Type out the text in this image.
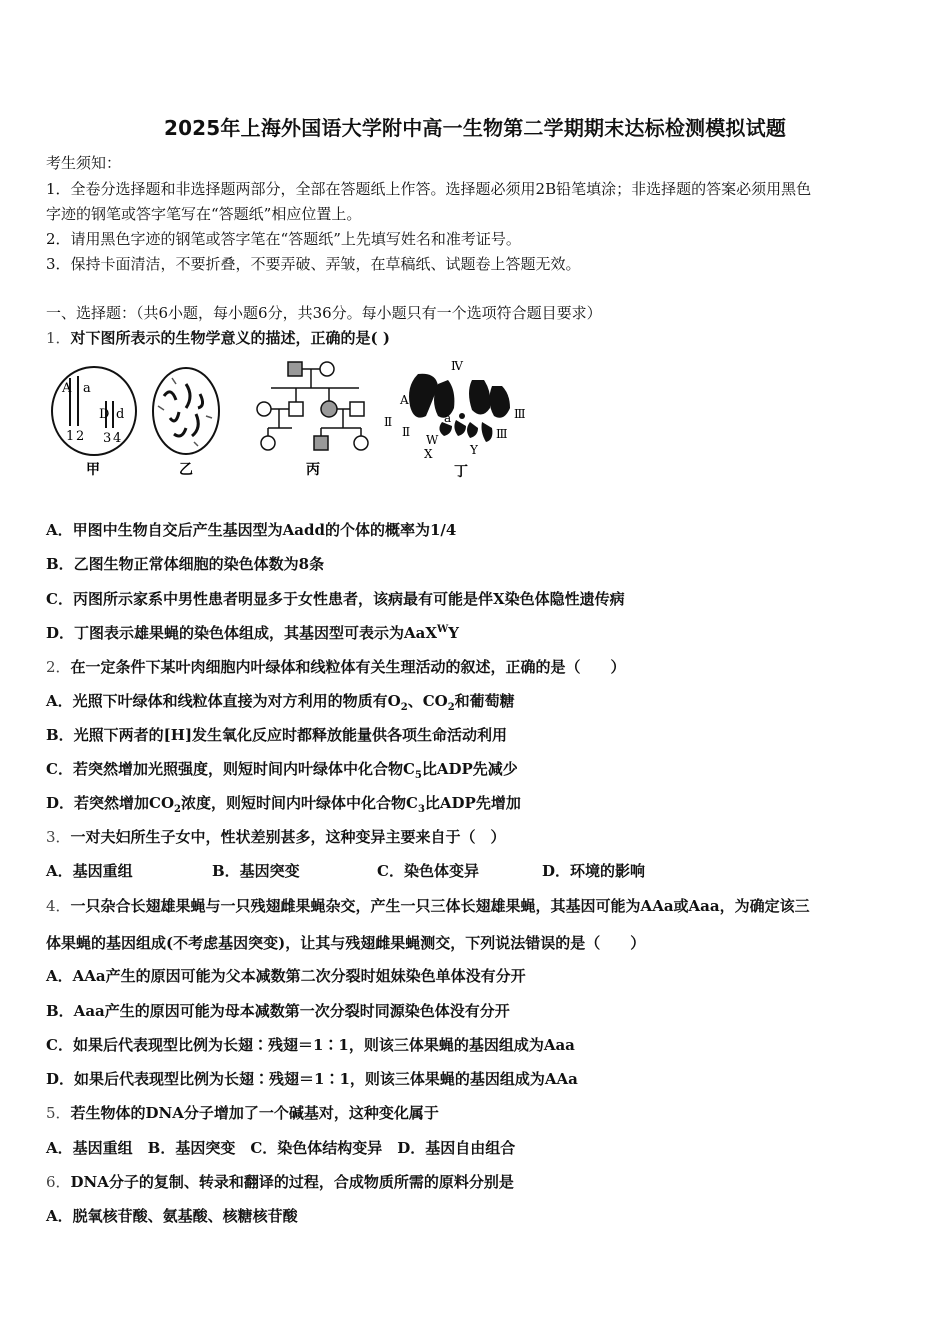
2025年上海外国语大学附中高一生物第二学期期末达标检测模拟试题
考生须知：
1．全卷分选择题和非选择题两部分，全部在答题纸上作答。选择题必须用2B铅笔填涂；非选择题的答案必须用黑色
字迹的钢笔或答字笔写在“答题纸”相应位置上。
2．请用黑色字迹的钢笔或答字笔在“答题纸”上先填写姓名和准考证号。
3．保持卡面清洁，不要折叠，不要弄破、弄皱，在草稿纸、试题卷上答题无效。
一、选择题：（共6小题，每小题6分，共36分。每小题只有一个选项符合题目要求）
1．对下图所表示的生物学意义的描述，正确的是( )
A a
D d
1 2 3 4
甲	乙	丙
Ⅳ
A
a
Ⅱ
Ⅱ
Ⅲ
Ⅲ
W
X	Y
丁
A．甲图中生物自交后产生基因型为Aadd的个体的概率为1/4
B．乙图生物正常体细胞的染色体数为8条
C．丙图所示家系中男性患者明显多于女性患者，该病最有可能是伴X染色体隐性遗传病
D．丁图表示雄果蝇的染色体组成，其基因型可表示为AaX$^W$Y
2．在一定条件下某叶肉细胞内叶绿体和线粒体有关生理活动的叙述，正确的是（　　）
A．光照下叶绿体和线粒体直接为对方利用的物质有$O_2$、$CO_2$和葡萄糖
B．光照下两者的[H]发生氧化反应时都释放能量供各项生命活动利用
C．若突然增加光照强度，则短时间内叶绿体中化合物$C_5$比ADP先减少
D．若突然增加$CO_2$浓度，则短时间内叶绿体中化合物$C_3$比ADP先增加
3．一对夫妇所生子女中，性状差别甚多，这种变异主要来自于（　）
A．基因重组	B．基因突变	C．染色体变异	D．环境的影响
4．一只杂合长翅雄果蝇与一只残翅雌果蝇杂交，产生一只三体长翅雄果蝇，其基因可能为AAa或Aaa，为确定该三
体果蝇的基因组成(不考虑基因突变)，让其与残翅雌果蝇测交，下列说法错误的是（　　）
A．AAa产生的原因可能为父本减数第二次分裂时姐妹染色单体没有分开
B．Aaa产生的原因可能为母本减数第一次分裂时同源染色体没有分开
C．如果后代表现型比例为长翅∶残翅＝1∶1，则该三体果蝇的基因组成为Aaa
D．如果后代表现型比例为长翅∶残翅＝1∶1，则该三体果蝇的基因组成为AAa
5．若生物体的DNA分子增加了一个碱基对，这种变化属于
A．基因重组　B．基因突变　C．染色体结构变异　D．基因自由组合
6．DNA分子的复制、转录和翻译的过程，合成物质所需的原料分别是
A．脱氧核苷酸、氨基酸、核糖核苷酸
